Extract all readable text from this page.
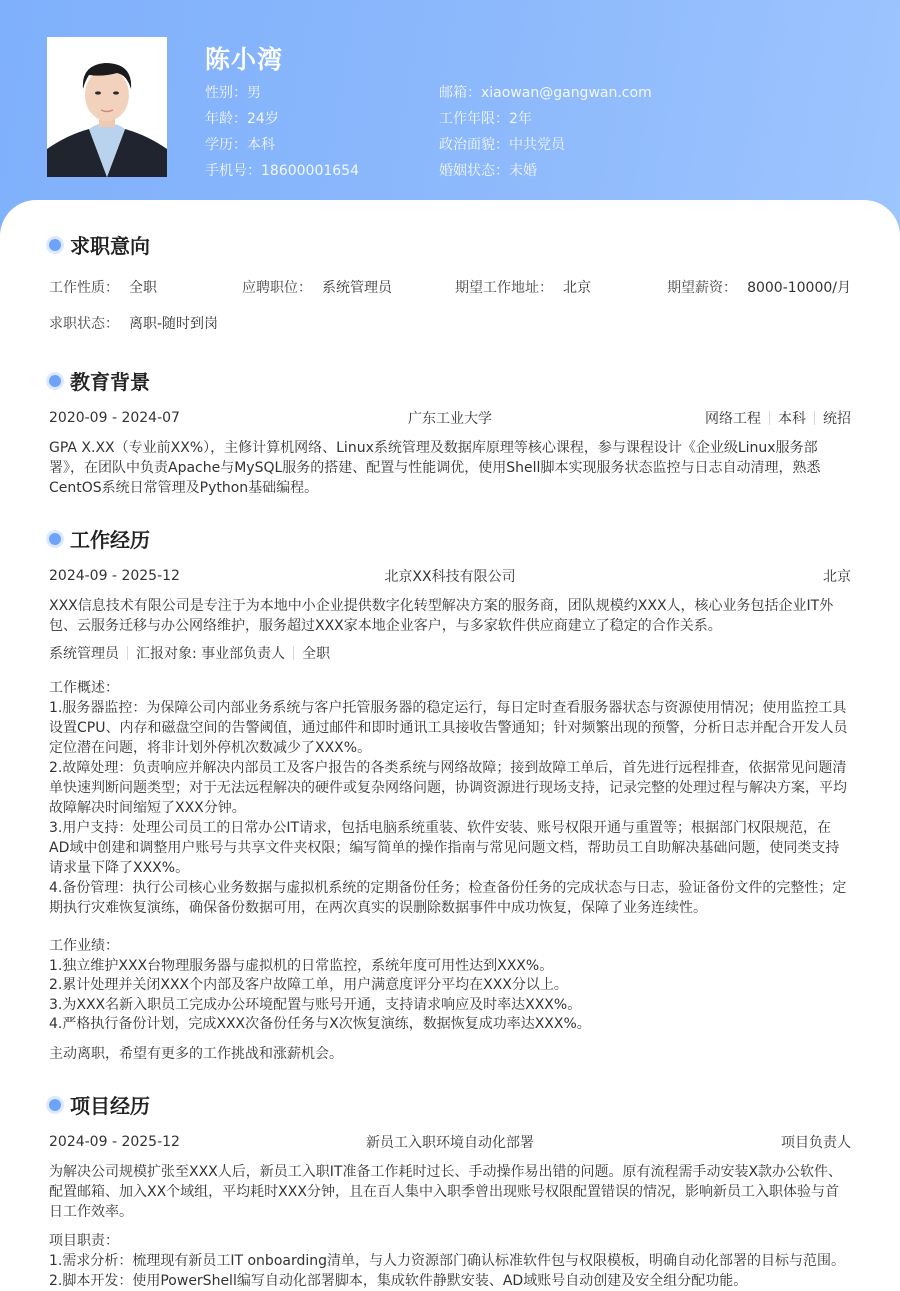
陈小湾
性别：男
年龄：24岁
学历：本科
手机号：18600001654
邮箱：xiaowan@gangwan.com
工作年限：2年
政治面貌：中共党员
婚姻状态：未婚
求职意向
工作性质： 全职	应聘职位： 系统管理员	期望工作地址： 北京	期望薪资： 8000-10000/月
求职状态： 离职-随时到岗
教育背景
2020-09 - 2024-07	广东工业大学	网络工程 本科 统招
GPA X.XX（专业前XX%），主修计算机网络、Linux系统管理及数据库原理等核心课程，参与课程设计《企业级Linux服务部署》，在团队中负责Apache与MySQL服务的搭建、配置与性能调优，使用Shell脚本实现服务状态监控与日志自动清理，熟悉CentOS系统日常管理及Python基础编程。
工作经历
2024-09 - 2025-12	北京XX科技有限公司	北京
XXX信息技术有限公司是专注于为本地中小企业提供数字化转型解决方案的服务商，团队规模约XXX人，核心业务包括企业IT外包、云服务迁移与办公网络维护，服务超过XXX家本地企业客户，与多家软件供应商建立了稳定的合作关系。
系统管理员 汇报对象: 事业部负责人 全职
工作概述：
1.服务器监控：为保障公司内部业务系统与客户托管服务器的稳定运行，每日定时查看服务器状态与资源使用情况；使用监控工具设置CPU、内存和磁盘空间的告警阈值，通过邮件和即时通讯工具接收告警通知；针对频繁出现的预警，分析日志并配合开发人员定位潜在问题，将非计划外停机次数减少了XXX%。
2.故障处理：负责响应并解决内部员工及客户报告的各类系统与网络故障；接到故障工单后，首先进行远程排查，依据常见问题清单快速判断问题类型；对于无法远程解决的硬件或复杂网络问题，协调资源进行现场支持，记录完整的处理过程与解决方案，平均故障解决时间缩短了XXX分钟。
3.用户支持：处理公司员工的日常办公IT请求，包括电脑系统重装、软件安装、账号权限开通与重置等；根据部门权限规范，在AD域中创建和调整用户账号与共享文件夹权限；编写简单的操作指南与常见问题文档，帮助员工自助解决基础问题，使同类支持请求量下降了XXX%。
4.备份管理：执行公司核心业务数据与虚拟机系统的定期备份任务；检查备份任务的完成状态与日志，验证备份文件的完整性；定期执行灾难恢复演练，确保备份数据可用，在两次真实的误删除数据事件中成功恢复，保障了业务连续性。
工作业绩：
1.独立维护XXX台物理服务器与虚拟机的日常监控，系统年度可用性达到XXX%。
2.累计处理并关闭XXX个内部及客户故障工单，用户满意度评分平均在XXX分以上。
3.为XXX名新入职员工完成办公环境配置与账号开通，支持请求响应及时率达XXX%。
4.严格执行备份计划，完成XXX次备份任务与X次恢复演练，数据恢复成功率达XXX%。
主动离职，希望有更多的工作挑战和涨薪机会。
项目经历
2024-09 - 2025-12	新员工入职环境自动化部署	项目负责人
为解决公司规模扩张至XXX人后，新员工入职IT准备工作耗时过长、手动操作易出错的问题。原有流程需手动安装X款办公软件、配置邮箱、加入XX个域组，平均耗时XXX分钟，且在百人集中入职季曾出现账号权限配置错误的情况，影响新员工入职体验与首日工作效率。
项目职责：
1.需求分析：梳理现有新员工IT onboarding清单，与人力资源部门确认标准软件包与权限模板，明确自动化部署的目标与范围。
2.脚本开发：使用PowerShell编写自动化部署脚本，集成软件静默安装、AD域账号自动创建及安全组分配功能。
